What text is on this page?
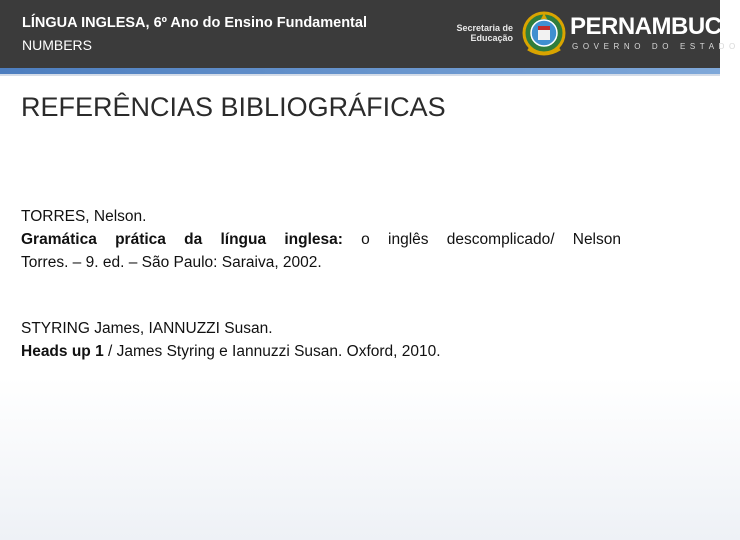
LÍNGUA INGLESA, 6º Ano do Ensino Fundamental
NUMBERS
Secretaria de
Educação PERNAMBUCO
GOVERNO DO ESTADO
REFERÊNCIAS BIBLIOGRÁFICAS
TORRES, Nelson.
Gramática prática da língua inglesa: o inglês descomplicado/ Nelson
Torres. – 9. ed. – São Paulo: Saraiva, 2002.
STYRING James, IANNUZZI Susan.
Heads up 1 / James Styring e Iannuzzi Susan. Oxford, 2010.
